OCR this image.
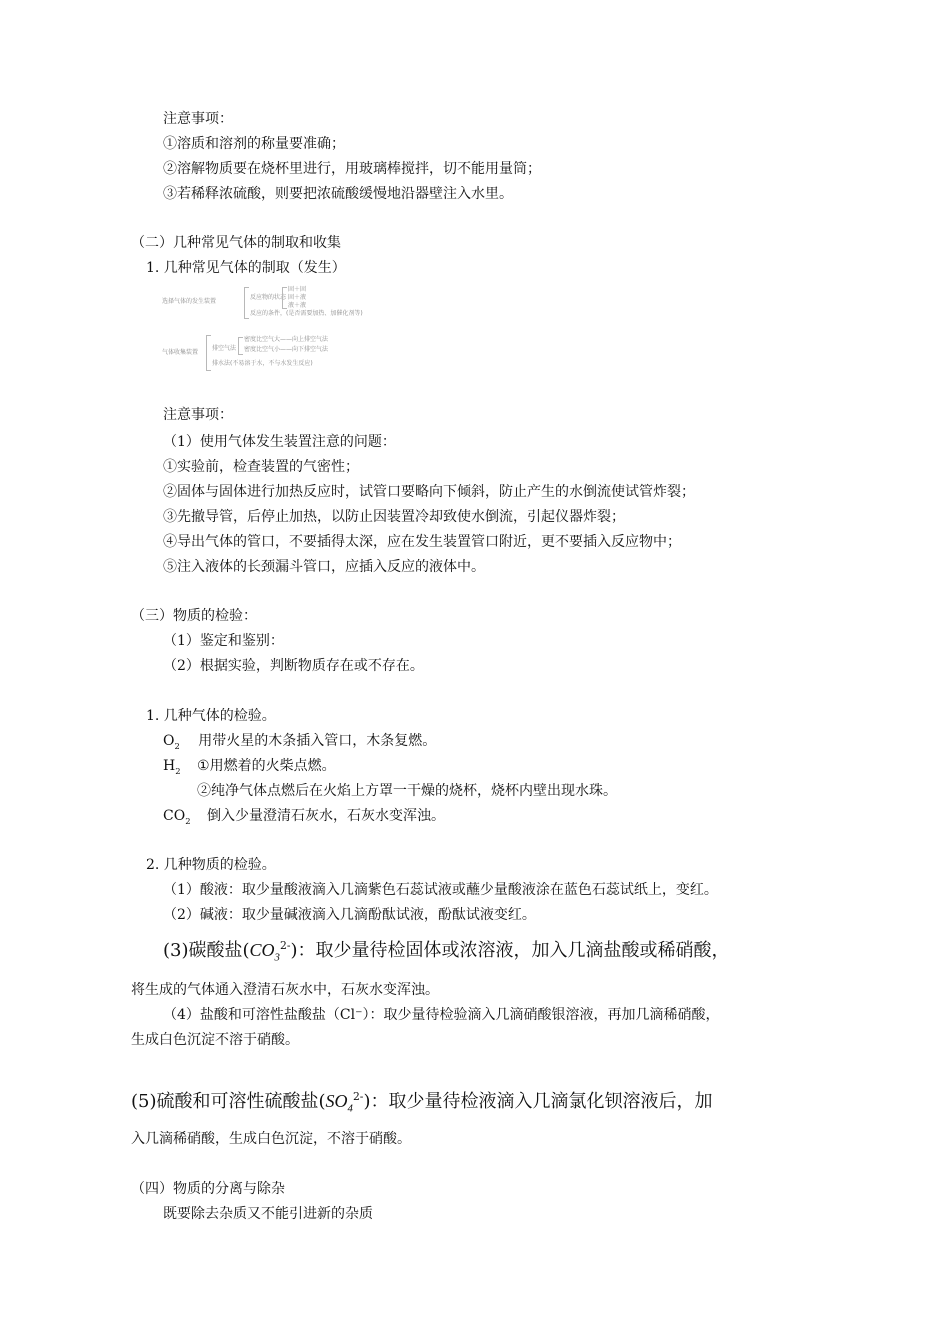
注意事项：
①溶质和溶剂的称量要准确；
②溶解物质要在烧杯里进行，用玻璃棒搅拌，切不能用量筒；
③若稀释浓硫酸，则要把浓硫酸缓慢地沿器壁注入水里。
（二）几种常见气体的制取和收集
1. 几种常见气体的制取（发生）
选择气体的发生装置
反应物的状态
固＋固
固＋液
液＋液
反应的条件，(是否需要加热、加催化剂等)
气体收集装置
排空气法
密度比空气大——向上排空气法
密度比空气小——向下排空气法
排水法(不易溶于水，不与水发生反应)
注意事项：
（1）使用气体发生装置注意的问题：
①实验前，检查装置的气密性；
②固体与固体进行加热反应时，试管口要略向下倾斜，防止产生的水倒流使试管炸裂；
③先撤导管，后停止加热，以防止因装置冷却致使水倒流，引起仪器炸裂；
④导出气体的管口，不要插得太深，应在发生装置管口附近，更不要插入反应物中；
⑤注入液体的长颈漏斗管口，应插入反应的液体中。
（三）物质的检验：
（1）鉴定和鉴别：
（2）根据实验，判断物质存在或不存在。
1. 几种气体的检验。
$O_2$ 用带火星的木条插入管口，木条复燃。
$H_2$ ①用燃着的火柴点燃。
②纯净气体点燃后在火焰上方罩一干燥的烧杯，烧杯内壁出现水珠。
$CO_2$ 倒入少量澄清石灰水，石灰水变浑浊。
2. 几种物质的检验。
（1）酸液：取少量酸液滴入几滴紫色石蕊试液或蘸少量酸液涂在蓝色石蕊试纸上，变红。
（2）碱液：取少量碱液滴入几滴酚酞试液，酚酞试液变红。
(3)碳酸盐$(CO_3^{2-})$：取少量待检固体或浓溶液，加入几滴盐酸或稀硝酸，
将生成的气体通入澄清石灰水中，石灰水变浑浊。
（4）盐酸和可溶性盐酸盐（Cl⁻）：取少量待检验滴入几滴硝酸银溶液，再加几滴稀硝酸，
生成白色沉淀不溶于硝酸。
(5)硫酸和可溶性硫酸盐$(SO_4^{2-})$：取少量待检液滴入几滴氯化钡溶液后，加
入几滴稀硝酸，生成白色沉淀，不溶于硝酸。
（四）物质的分离与除杂
既要除去杂质又不能引进新的杂质
